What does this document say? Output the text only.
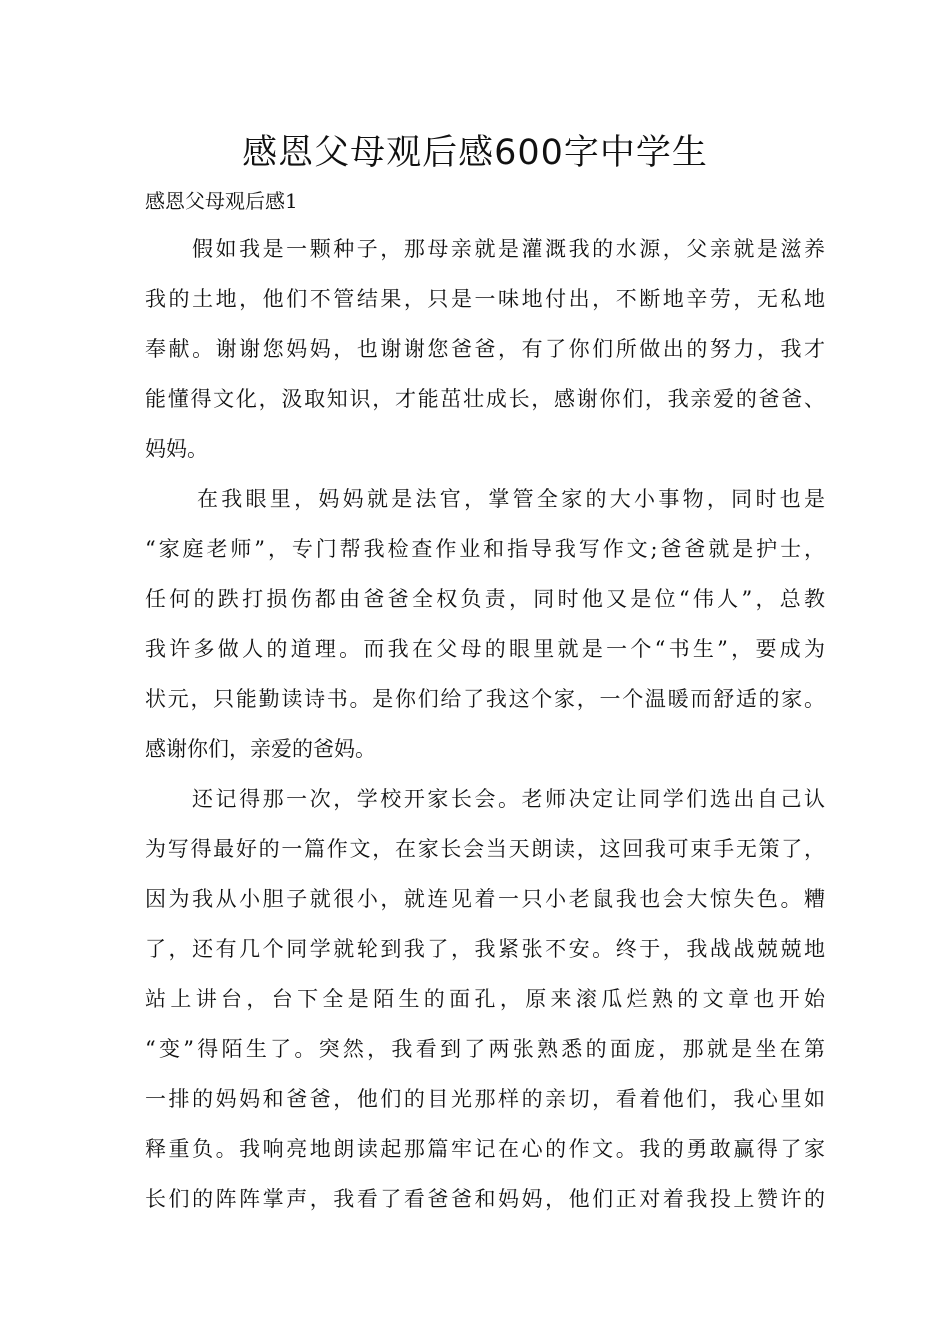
感恩父母观后感600字中学生

感恩父母观后感1

假如我是一颗种子，那母亲就是灌溉我的水源，父亲就是滋养

我的土地，他们不管结果，只是一味地付出，不断地辛劳，无私地

奉献。谢谢您妈妈，也谢谢您爸爸，有了你们所做出的努力，我才

能懂得文化，汲取知识，才能茁壮成长，感谢你们，我亲爱的爸爸、

妈妈。

在我眼里，妈妈就是法官，掌管全家的大小事物，同时也是

“家庭老师”，专门帮我检查作业和指导我写作文;爸爸就是护士，

任何的跌打损伤都由爸爸全权负责，同时他又是位“伟人”，总教

我许多做人的道理。而我在父母的眼里就是一个“书生”，要成为

状元，只能勤读诗书。是你们给了我这个家，一个温暖而舒适的家。

感谢你们，亲爱的爸妈。

还记得那一次，学校开家长会。老师决定让同学们选出自己认

为写得最好的一篇作文，在家长会当天朗读，这回我可束手无策了，

因为我从小胆子就很小，就连见着一只小老鼠我也会大惊失色。糟

了，还有几个同学就轮到我了，我紧张不安。终于，我战战兢兢地

站上讲台，台下全是陌生的面孔，原来滚瓜烂熟的文章也开始

“变”得陌生了。突然，我看到了两张熟悉的面庞，那就是坐在第

一排的妈妈和爸爸，他们的目光那样的亲切，看着他们，我心里如

释重负。我响亮地朗读起那篇牢记在心的作文。我的勇敢赢得了家

长们的阵阵掌声，我看了看爸爸和妈妈，他们正对着我投上赞许的
